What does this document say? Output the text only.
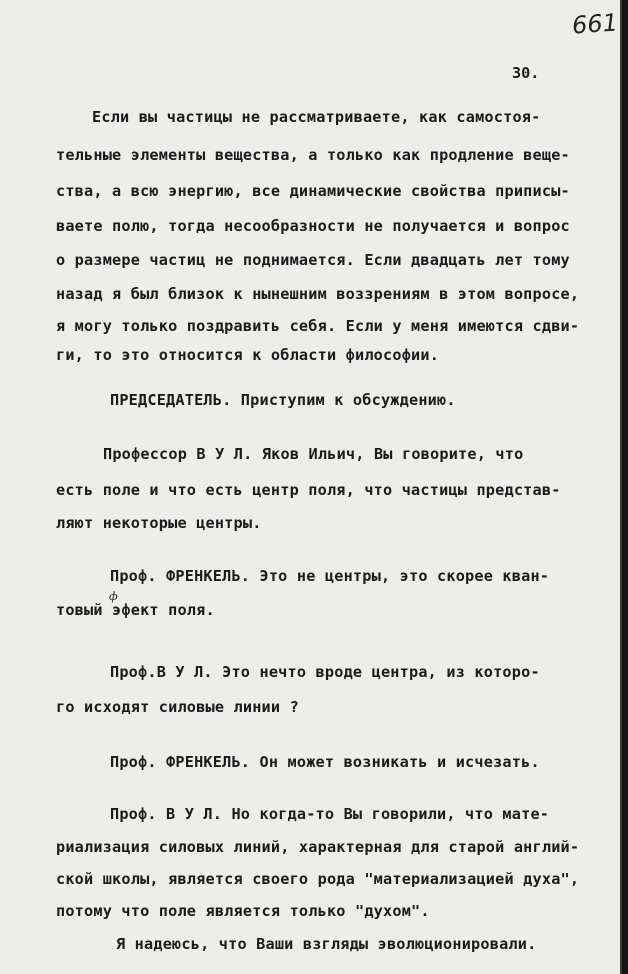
661

30.

Если вы частицы не рассматриваете, как самостоя-

тельные элементы вещества, а только как продление веще-

ства, а всю энергию, все динамические свойства приписы-

ваете полю, тогда несообразности не получается и вопрос

о размере частиц не поднимается. Если двадцать лет тому

назад я был близок к нынешним воззрениям в этом вопросе,

я могу только поздравить себя. Если у меня имеются сдви-

ги, то это относится к области философии.

ПРЕДСЕДАТЕЛЬ. Приступим к обсуждению.

Профессор В У Л. Яков Ильич, Вы говорите, что

есть поле и что есть центр поля, что частицы представ-

ляют некоторые центры.

Проф. ФРЕНКЕЛЬ. Это не центры, это скорее кван-

ф

товый эфект поля.

Проф.В У Л. Это нечто вроде центра, из которо-

го исходят силовые линии ?

Проф. ФРЕНКЕЛЬ. Он может возникать и исчезать.

Проф. В У Л. Но когда-то Вы говорили, что мате-

риализация силовых линий, характерная для старой англий-

ской школы, является своего рода "материализацией духа",

потому что поле является только "духом".

Я надеюсь, что Ваши взгляды эволюционировали.
